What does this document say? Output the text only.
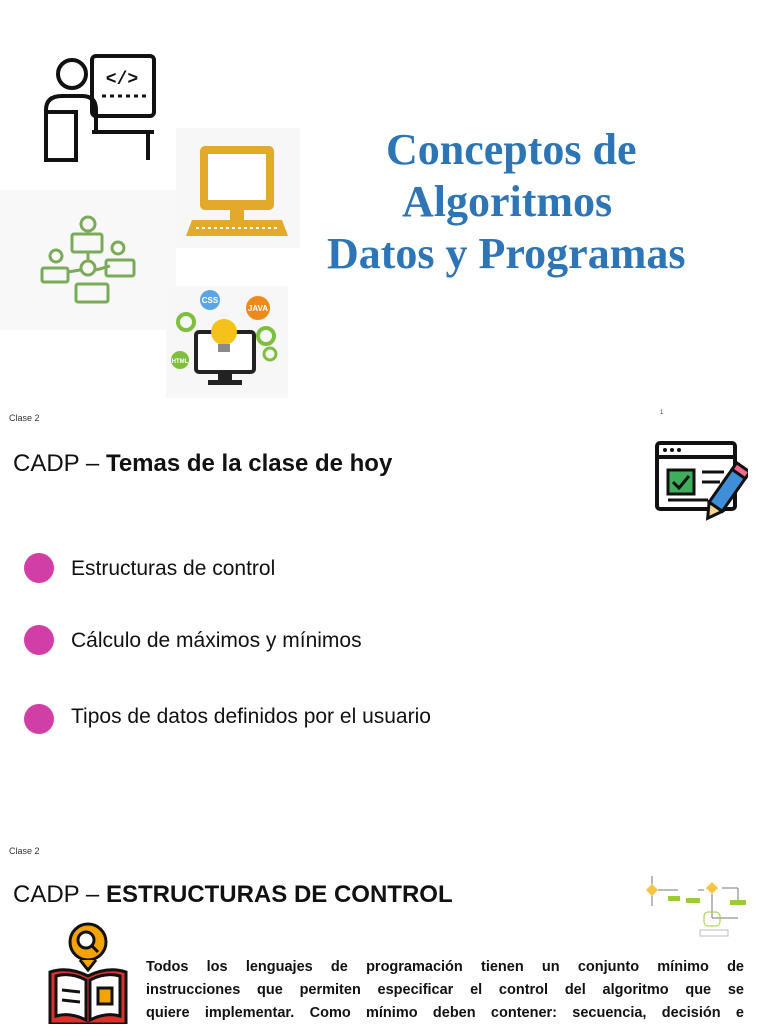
</>
CSS
JAVA
HTML
Conceptos de
Algoritmos
Datos y Programas
Clase 2	1
CADP – Temas de la clase de hoy
Estructuras de control
Cálculo de máximos y mínimos
Tipos de datos definidos por el usuario
Clase 2
CADP – ESTRUCTURAS DE CONTROL
Todos los lenguajes de programación tienen un conjunto mínimo de
instrucciones que permiten especificar el control del algoritmo que se
quiere implementar. Como mínimo deben contener: secuencia, decisión e
